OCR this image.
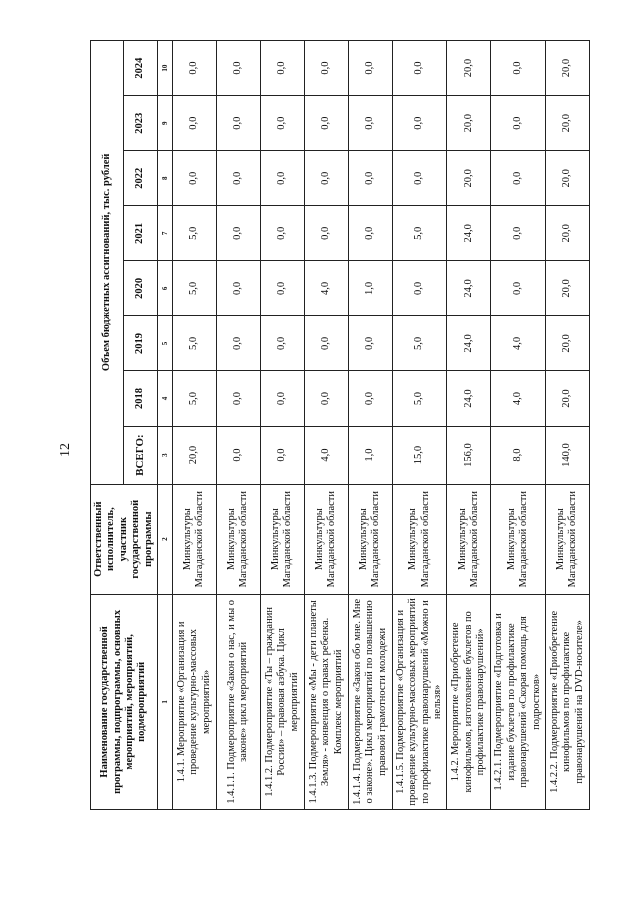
12
Наименование государственной программы, подпрограммы, основных мероприятий, мероприятий, подмероприятий	Ответственный исполнитель, участник государственной программы	Объем бюджетных ассигнований, тыс. рублей							
		ВСЕГО:	2018	2019	2020	2021	2022	2023	2024
1	2	3	4	5	6	7	8	9	10
1.4.1. Мероприятие «Организация и проведение культурно-массовых мероприятий»	Минкультуры Магаданской области	20,0	5,0	5,0	5,0	5,0	0,0	0,0	0,0
1.4.1.1. Подмероприятие «Закон о нас, и мы о законе» цикл мероприятий	Минкультуры Магаданской области	0,0	0,0	0,0	0,0	0,0	0,0	0,0	0,0
1.4.1.2. Подмероприятие «Ты – гражданин России» – правовая азбука. Цикл мероприятий	Минкультуры Магаданской области	0,0	0,0	0,0	0,0	0,0	0,0	0,0	0,0
1.4.1.3. Подмероприятие «Мы - дети планеты Земля» - конвенция о правах ребенка. Комплекс мероприятий	Минкультуры Магаданской области	4,0	0,0	0,0	4,0	0,0	0,0	0,0	0,0
1.4.1.4. Подмероприятие «Закон обо мне. Мне о законе». Цикл мероприятий по повышению правовой грамотности молодежи	Минкультуры Магаданской области	1,0	0,0	0,0	1,0	0,0	0,0	0,0	0,0
1.4.1.5. Подмероприятие «Организация и проведение культурно-массовых мероприятий по профилактике правонарушений «Можно и нельзя»	Минкультуры Магаданской области	15,0	5,0	5,0	0,0	5,0	0,0	0,0	0,0
1.4.2. Мероприятие «Приобретение кинофильмов, изготовление буклетов по профилактике правонарушений»	Минкультуры Магаданской области	156,0	24,0	24,0	24,0	24,0	20,0	20,0	20,0
1.4.2.1. Подмероприятие «Подготовка и издание буклетов по профилактике правонарушений «Скорая помощь для подростков»	Минкультуры Магаданской области	8,0	4,0	4,0	0,0	0,0	0,0	0,0	0,0
1.4.2.2. Подмероприятие «Приобретение кинофильмов по профилактике правонарушений на DVD-носителе»	Минкультуры Магаданской области	140,0	20,0	20,0	20,0	20,0	20,0	20,0	20,0
